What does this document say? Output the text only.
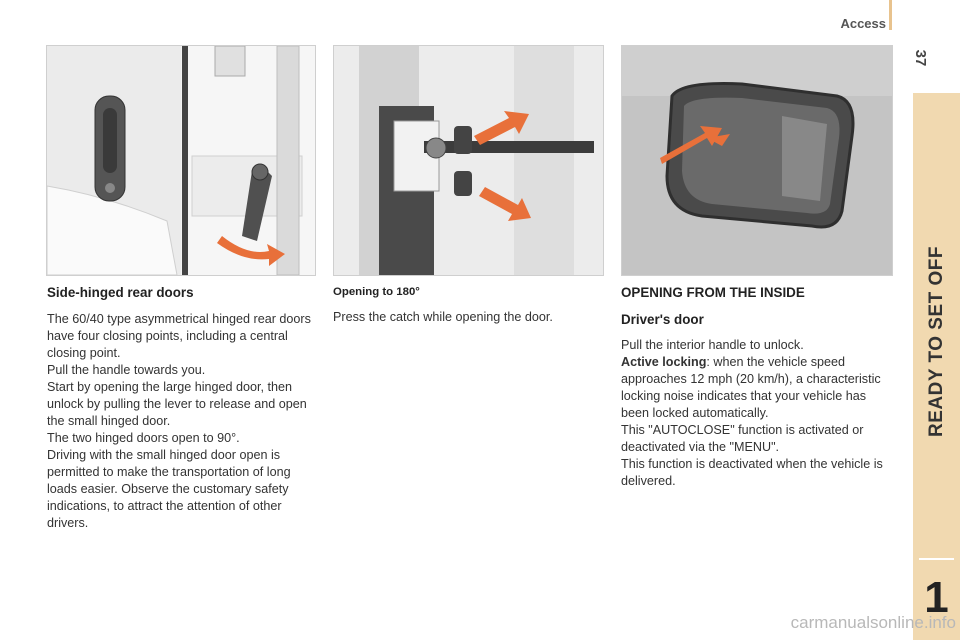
Access
37
READY TO SET OFF
1
Side-hinged rear doors

The 60/40 type asymmetrical hinged rear doors have four closing points, including a central closing point.
Pull the handle towards you.
Start by opening the large hinged door, then unlock by pulling the lever to release and open the small hinged door.
The two hinged doors open to 90°.
Driving with the small hinged door open is permitted to make the transportation of long loads easier. Observe the customary safety indications, to attract the attention of other drivers.

Opening to 180°

Press the catch while opening the door.

OPENING FROM THE INSIDE
Driver's door

Pull the interior handle to unlock.
Active locking: when the vehicle speed approaches 12 mph (20 km/h), a characteristic locking noise indicates that your vehicle has been locked automatically.
This "AUTOCLOSE" function is activated or deactivated via the "MENU".
This function is deactivated when the vehicle is delivered.

carmanualsonline.info
